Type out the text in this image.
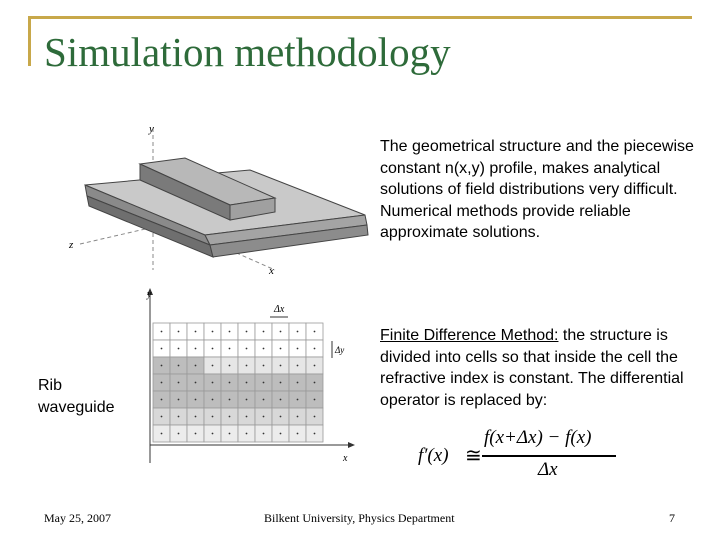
Simulation methodology
The geometrical structure and the piecewise constant n(x,y) profile, makes analytical solutions of field distributions very difficult. Numerical methods provide reliable approximate solutions.
Finite Difference Method: the structure is divided into cells so that inside the cell the refractive index is constant. The differential operator is replaced by:
Rib waveguide
y
z
x
y
x
Δx
Δy
f′(x) ≅
f(x+Δx) − f(x)
Δx
May 25, 2007	Bilkent University, Physics Department	7
